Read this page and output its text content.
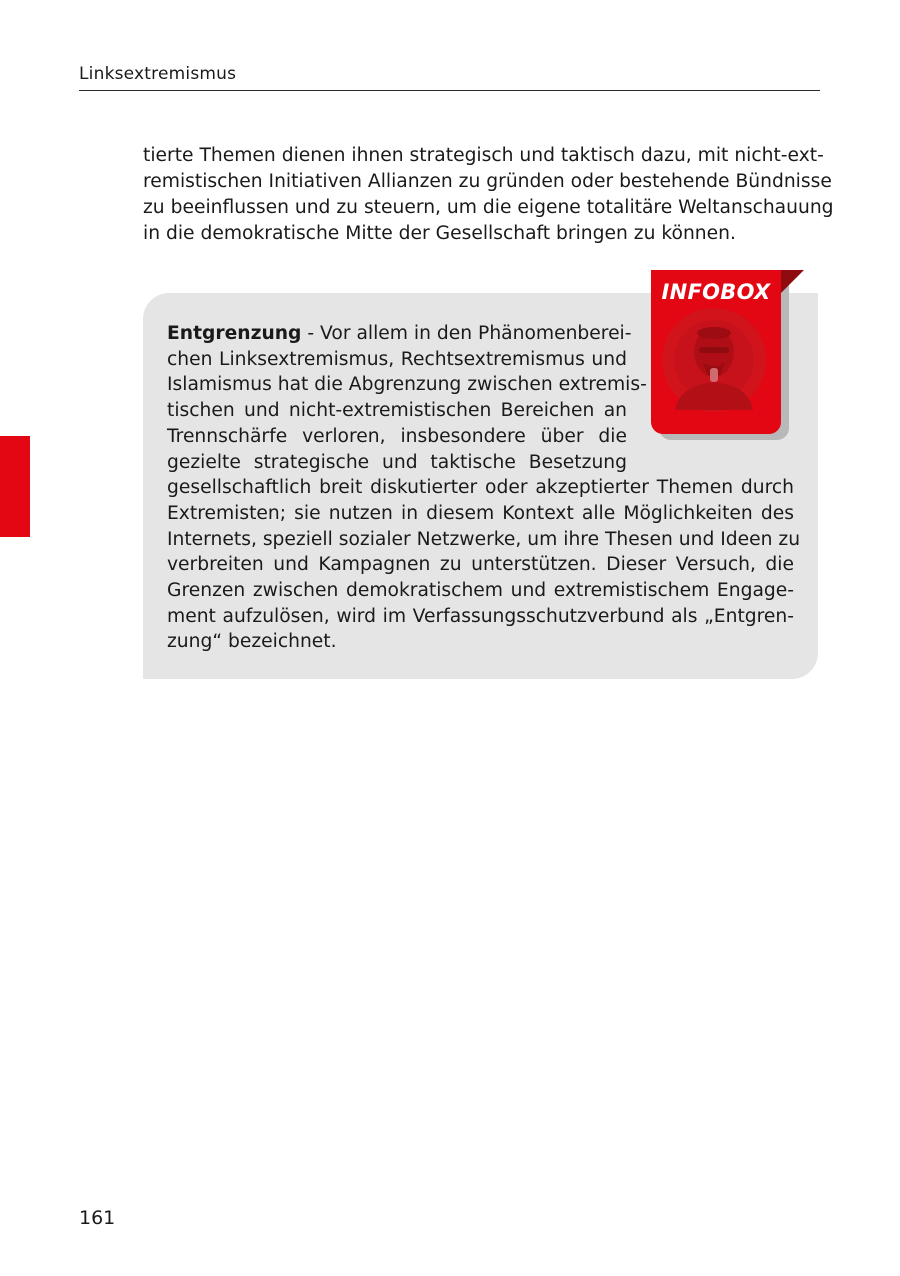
Linksextremismus

tierte Themen dienen ihnen strategisch und taktisch dazu, mit nicht-ext-
remistischen Initiativen Allianzen zu gründen oder bestehende Bündnisse
zu beeinflussen und zu steuern, um die eigene totalitäre Weltanschauung
in die demokratische Mitte der Gesellschaft bringen zu können.

Entgrenzung - Vor allem in den Phänomenberei-
chen Linksextremismus, Rechtsextremismus und
Islamismus hat die Abgrenzung zwischen extremis-
tischen und nicht-extremistischen Bereichen an
Trennschärfe verloren, insbesondere über die
gezielte strategische und taktische Besetzung
gesellschaftlich breit diskutierter oder akzeptierter Themen durch
Extremisten; sie nutzen in diesem Kontext alle Möglichkeiten des
Internets, speziell sozialer Netzwerke, um ihre Thesen und Ideen zu
verbreiten und Kampagnen zu unterstützen. Dieser Versuch, die
Grenzen zwischen demokratischem und extremistischem Engage-
ment aufzulösen, wird im Verfassungsschutzverbund als „Entgren-
zung“ bezeichnet.

INFOBOX
161
